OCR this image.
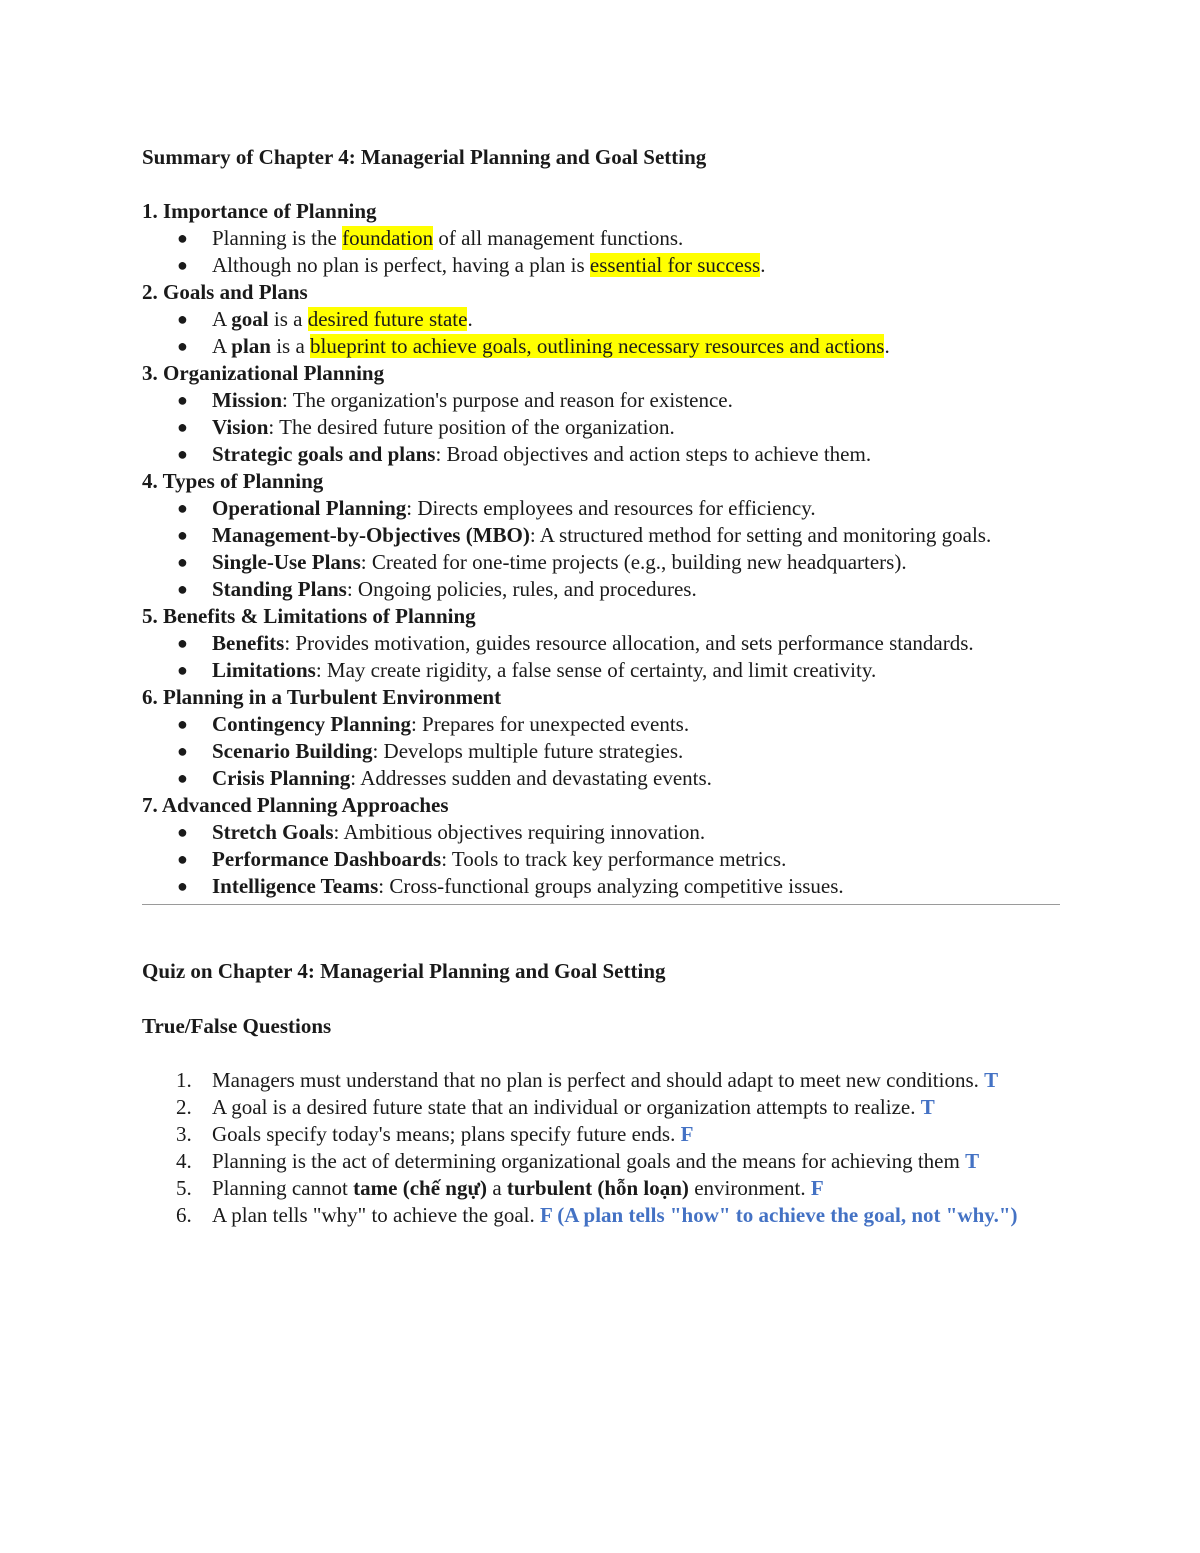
Summary of Chapter 4: Managerial Planning and Goal Setting
1. Importance of Planning
● Planning is the foundation of all management functions.
● Although no plan is perfect, having a plan is essential for success.
2. Goals and Plans
● A goal is a desired future state.
● A plan is a blueprint to achieve goals, outlining necessary resources and actions.
3. Organizational Planning
● Mission: The organization's purpose and reason for existence.
● Vision: The desired future position of the organization.
● Strategic goals and plans: Broad objectives and action steps to achieve them.
4. Types of Planning
● Operational Planning: Directs employees and resources for efficiency.
● Management-by-Objectives (MBO): A structured method for setting and monitoring goals.
● Single-Use Plans: Created for one-time projects (e.g., building new headquarters).
● Standing Plans: Ongoing policies, rules, and procedures.
5. Benefits & Limitations of Planning
● Benefits: Provides motivation, guides resource allocation, and sets performance standards.
● Limitations: May create rigidity, a false sense of certainty, and limit creativity.
6. Planning in a Turbulent Environment
● Contingency Planning: Prepares for unexpected events.
● Scenario Building: Develops multiple future strategies.
● Crisis Planning: Addresses sudden and devastating events.
7. Advanced Planning Approaches
● Stretch Goals: Ambitious objectives requiring innovation.
● Performance Dashboards: Tools to track key performance metrics.
● Intelligence Teams: Cross-functional groups analyzing competitive issues.
Quiz on Chapter 4: Managerial Planning and Goal Setting
True/False Questions
1. Managers must understand that no plan is perfect and should adapt to meet new conditions. T
2. A goal is a desired future state that an individual or organization attempts to realize. T
3. Goals specify today's means; plans specify future ends. F
4. Planning is the act of determining organizational goals and the means for achieving them T
5. Planning cannot tame (chế ngự) a turbulent (hỗn loạn) environment. F
6. A plan tells "why" to achieve the goal. F (A plan tells "how" to achieve the goal, not "why.")
